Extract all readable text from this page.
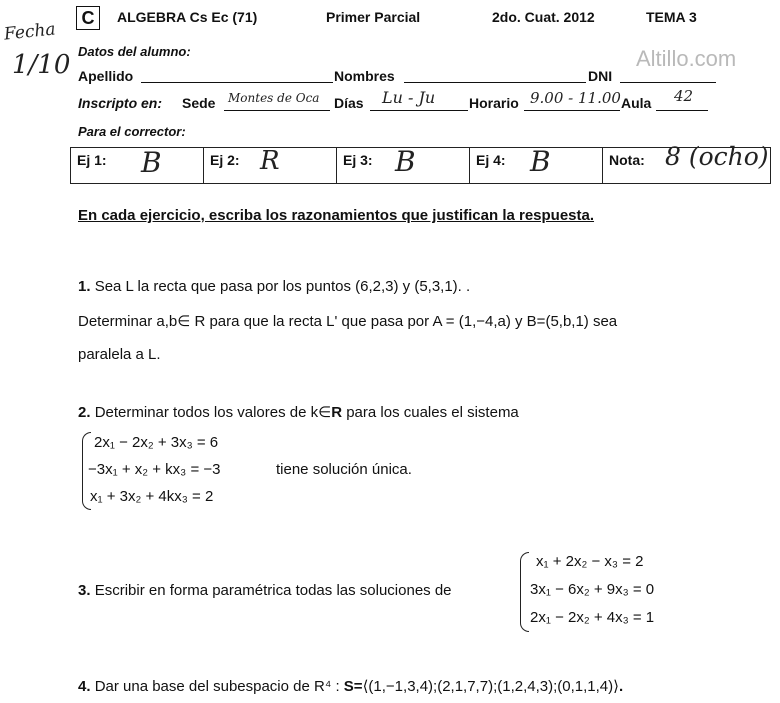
Fecha
1/10
C	ALGEBRA Cs Ec (71)	Primer Parcial	2do. Cuat. 2012	TEMA 3
Altillo.com
Datos del alumno:
Apellido	Nombres	DNI
Inscripto en: Sede Montes de Oca Días Lu - Ju Horario 9.00 - 11.00 Aula 42
Para el corrector:
Ej 1: B	Ej 2: R	Ej 3: B	Ej 4: B	Nota: 8 (ocho)
En cada ejercicio, escriba los razonamientos que justifican la respuesta.
1. Sea L la recta que pasa por los puntos (6,2,3) y (5,3,1). .
Determinar a,b∈ R para que la recta L' que pasa por A = (1,−4,a) y B=(5,b,1) sea
paralela a L.
2. Determinar todos los valores de k∈R para los cuales el sistema
2x₁ − 2x₂ + 3x₃ = 6
−3x₁ + x₂ + kx₃ = −3
x₁ + 3x₂ + 4kx₃ = 2
tiene solución única.
3. Escribir en forma paramétrica todas las soluciones de
x₁ + 2x₂ − x₃ = 2
3x₁ − 6x₂ + 9x₃ = 0
2x₁ − 2x₂ + 4x₃ = 1
4. Dar una base del subespacio de R⁴ : S=⟨(1,−1,3,4);(2,1,7,7);(1,2,4,3);(0,1,1,4)⟩.
